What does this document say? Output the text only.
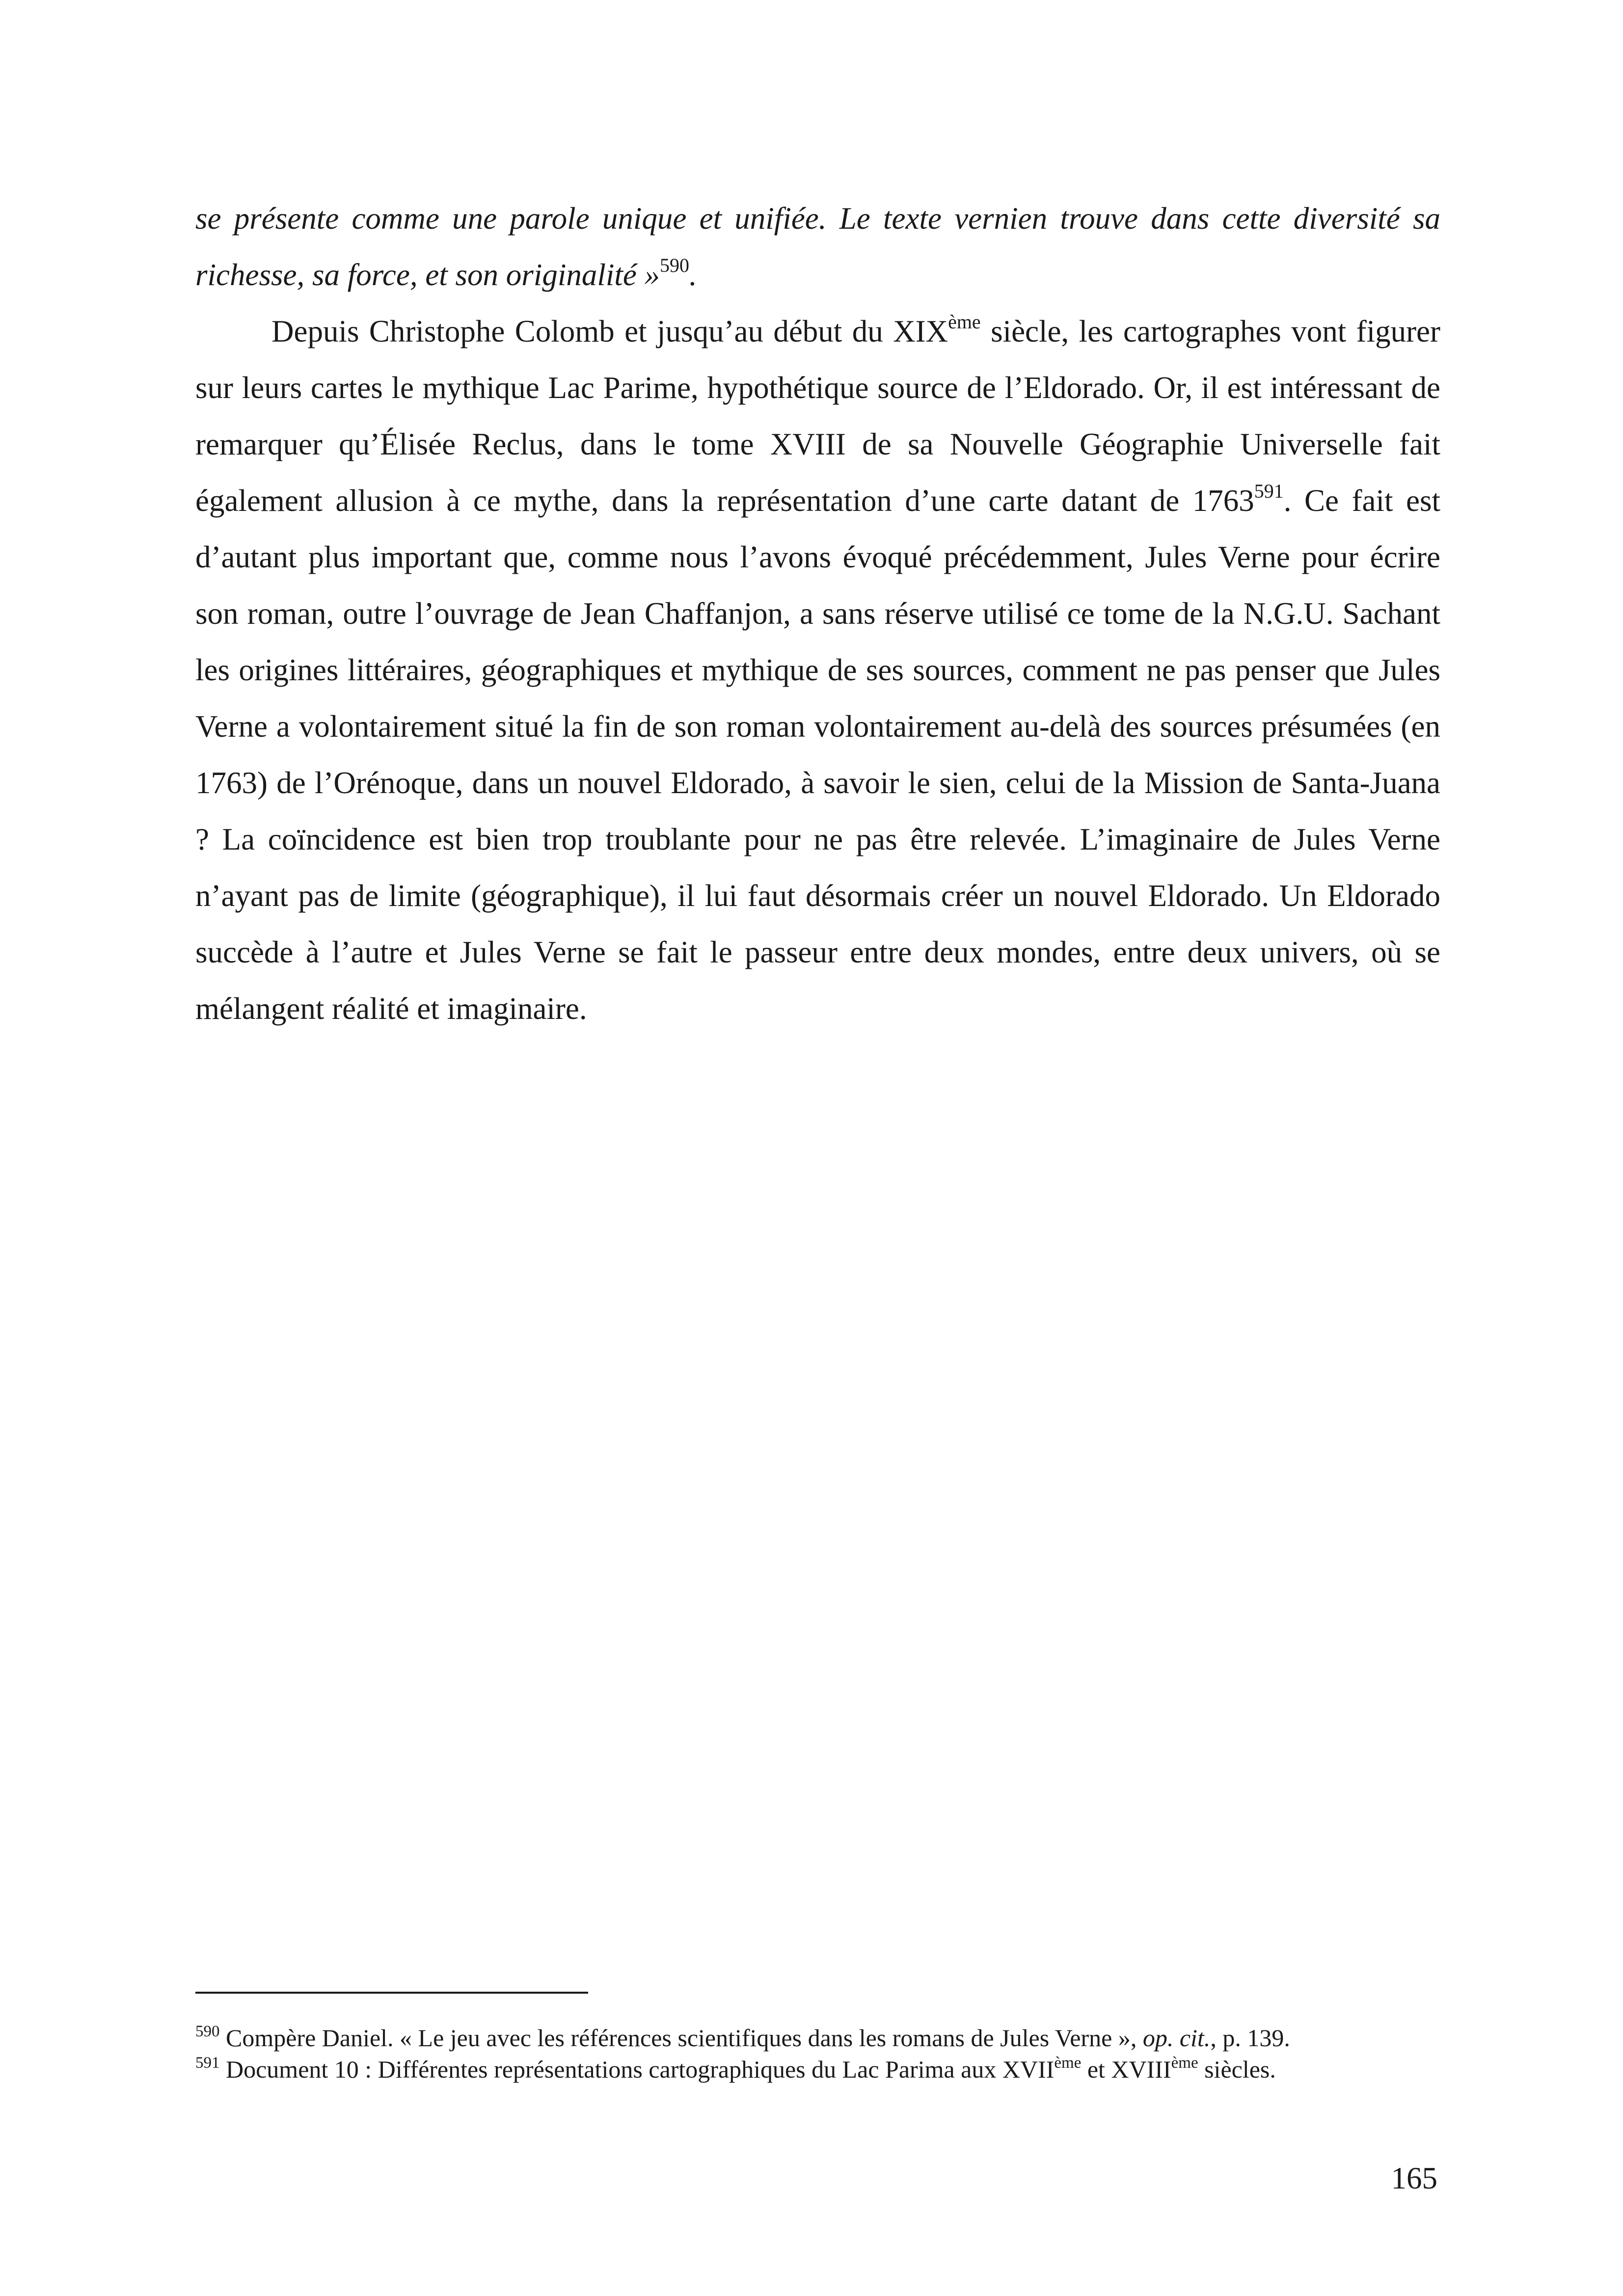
se présente comme une parole unique et unifiée. Le texte vernien trouve dans cette diversité sa richesse, sa force, et son originalité »$^{590}$.

Depuis Christophe Colomb et jusqu’au début du XIXème siècle, les cartographes vont figurer sur leurs cartes le mythique Lac Parime, hypothétique source de l’Eldorado. Or, il est intéressant de remarquer qu’Élisée Reclus, dans le tome XVIII de sa Nouvelle Géographie Universelle fait également allusion à ce mythe, dans la représentation d’une carte datant de 1763$^{591}$. Ce fait est d’autant plus important que, comme nous l’avons évoqué précédemment, Jules Verne pour écrire son roman, outre l’ouvrage de Jean Chaffanjon, a sans réserve utilisé ce tome de la N.G.U. Sachant les origines littéraires, géographiques et mythique de ses sources, comment ne pas penser que Jules Verne a volontairement situé la fin de son roman volontairement au-delà des sources présumées (en 1763) de l’Orénoque, dans un nouvel Eldorado, à savoir le sien, celui de la Mission de Santa-Juana ? La coïncidence est bien trop troublante pour ne pas être relevée. L’imaginaire de Jules Verne n’ayant pas de limite (géographique), il lui faut désormais créer un nouvel Eldorado. Un Eldorado succède à l’autre et Jules Verne se fait le passeur entre deux mondes, entre deux univers, où se mélangent réalité et imaginaire.

$^{590}$ Compère Daniel. « Le jeu avec les références scientifiques dans les romans de Jules Verne », op. cit., p. 139.

$^{591}$ Document 10 : Différentes représentations cartographiques du Lac Parima aux XVIIème et XVIIIème siècles.

165
